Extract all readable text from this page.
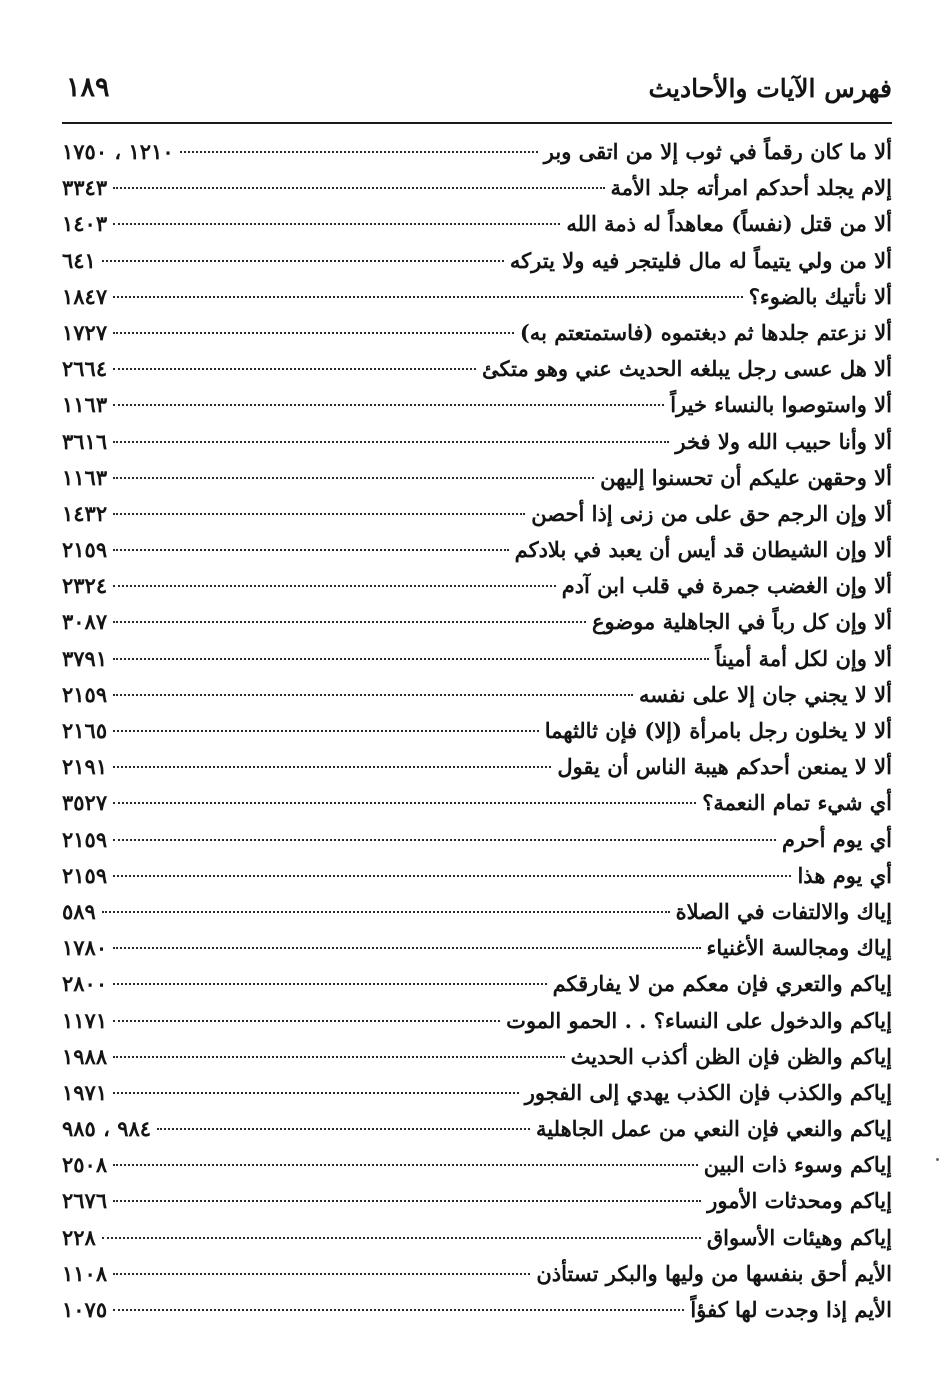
١٨٩	فهرس الآيات والأحاديث
ألا ما كان رقماً في ثوب إلا من اتقى وبر
١٢١٠ ، ١٧٥٠
إلام يجلد أحدكم امرأته جلد الأمة
٣٣٤٣
ألا من قتل (نفساً) معاهداً له ذمة الله
١٤٠٣
ألا من ولي يتيماً له مال فليتجر فيه ولا يتركه
٦٤١
ألا نأتيك بالضوء؟
١٨٤٧
ألا نزعتم جلدها ثم دبغتموه (فاستمتعتم به)
١٧٢٧
ألا هل عسى رجل يبلغه الحديث عني وهو متكئ
٢٦٦٤
ألا واستوصوا بالنساء خيراً
١١٦٣
ألا وأنا حبيب الله ولا فخر
٣٦١٦
ألا وحقهن عليكم أن تحسنوا إليهن
١١٦٣
ألا وإن الرجم حق على من زنى إذا أحصن
١٤٣٢
ألا وإن الشيطان قد أيس أن يعبد في بلادكم
٢١٥٩
ألا وإن الغضب جمرة في قلب ابن آدم
٢٣٢٤
ألا وإن كل رباً في الجاهلية موضوع
٣٠٨٧
ألا وإن لكل أمة أميناً
٣٧٩١
ألا لا يجني جان إلا على نفسه
٢١٥٩
ألا لا يخلون رجل بامرأة (إلا) فإن ثالثهما
٢١٦٥
ألا لا يمنعن أحدكم هيبة الناس أن يقول
٢١٩١
أي شيء تمام النعمة؟
٣٥٢٧
أي يوم أحرم
٢١٥٩
أي يوم هذا
٢١٥٩
إياك والالتفات في الصلاة
٥٨٩
إياك ومجالسة الأغنياء
١٧٨٠
إياكم والتعري فإن معكم من لا يفارقكم
٢٨٠٠
إياكم والدخول على النساء؟ . . الحمو الموت
١١٧١
إياكم والظن فإن الظن أكذب الحديث
١٩٨٨
إياكم والكذب فإن الكذب يهدي إلى الفجور
١٩٧١
إياكم والنعي فإن النعي من عمل الجاهلية
٩٨٤ ، ٩٨٥
إياكم وسوء ذات البين
٢٥٠٨
إياكم ومحدثات الأمور
٢٦٧٦
إياكم وهيئات الأسواق
٢٢٨
الأيم أحق بنفسها من وليها والبكر تستأذن
١١٠٨
الأيم إذا وجدت لها كفؤاً
١٠٧٥
